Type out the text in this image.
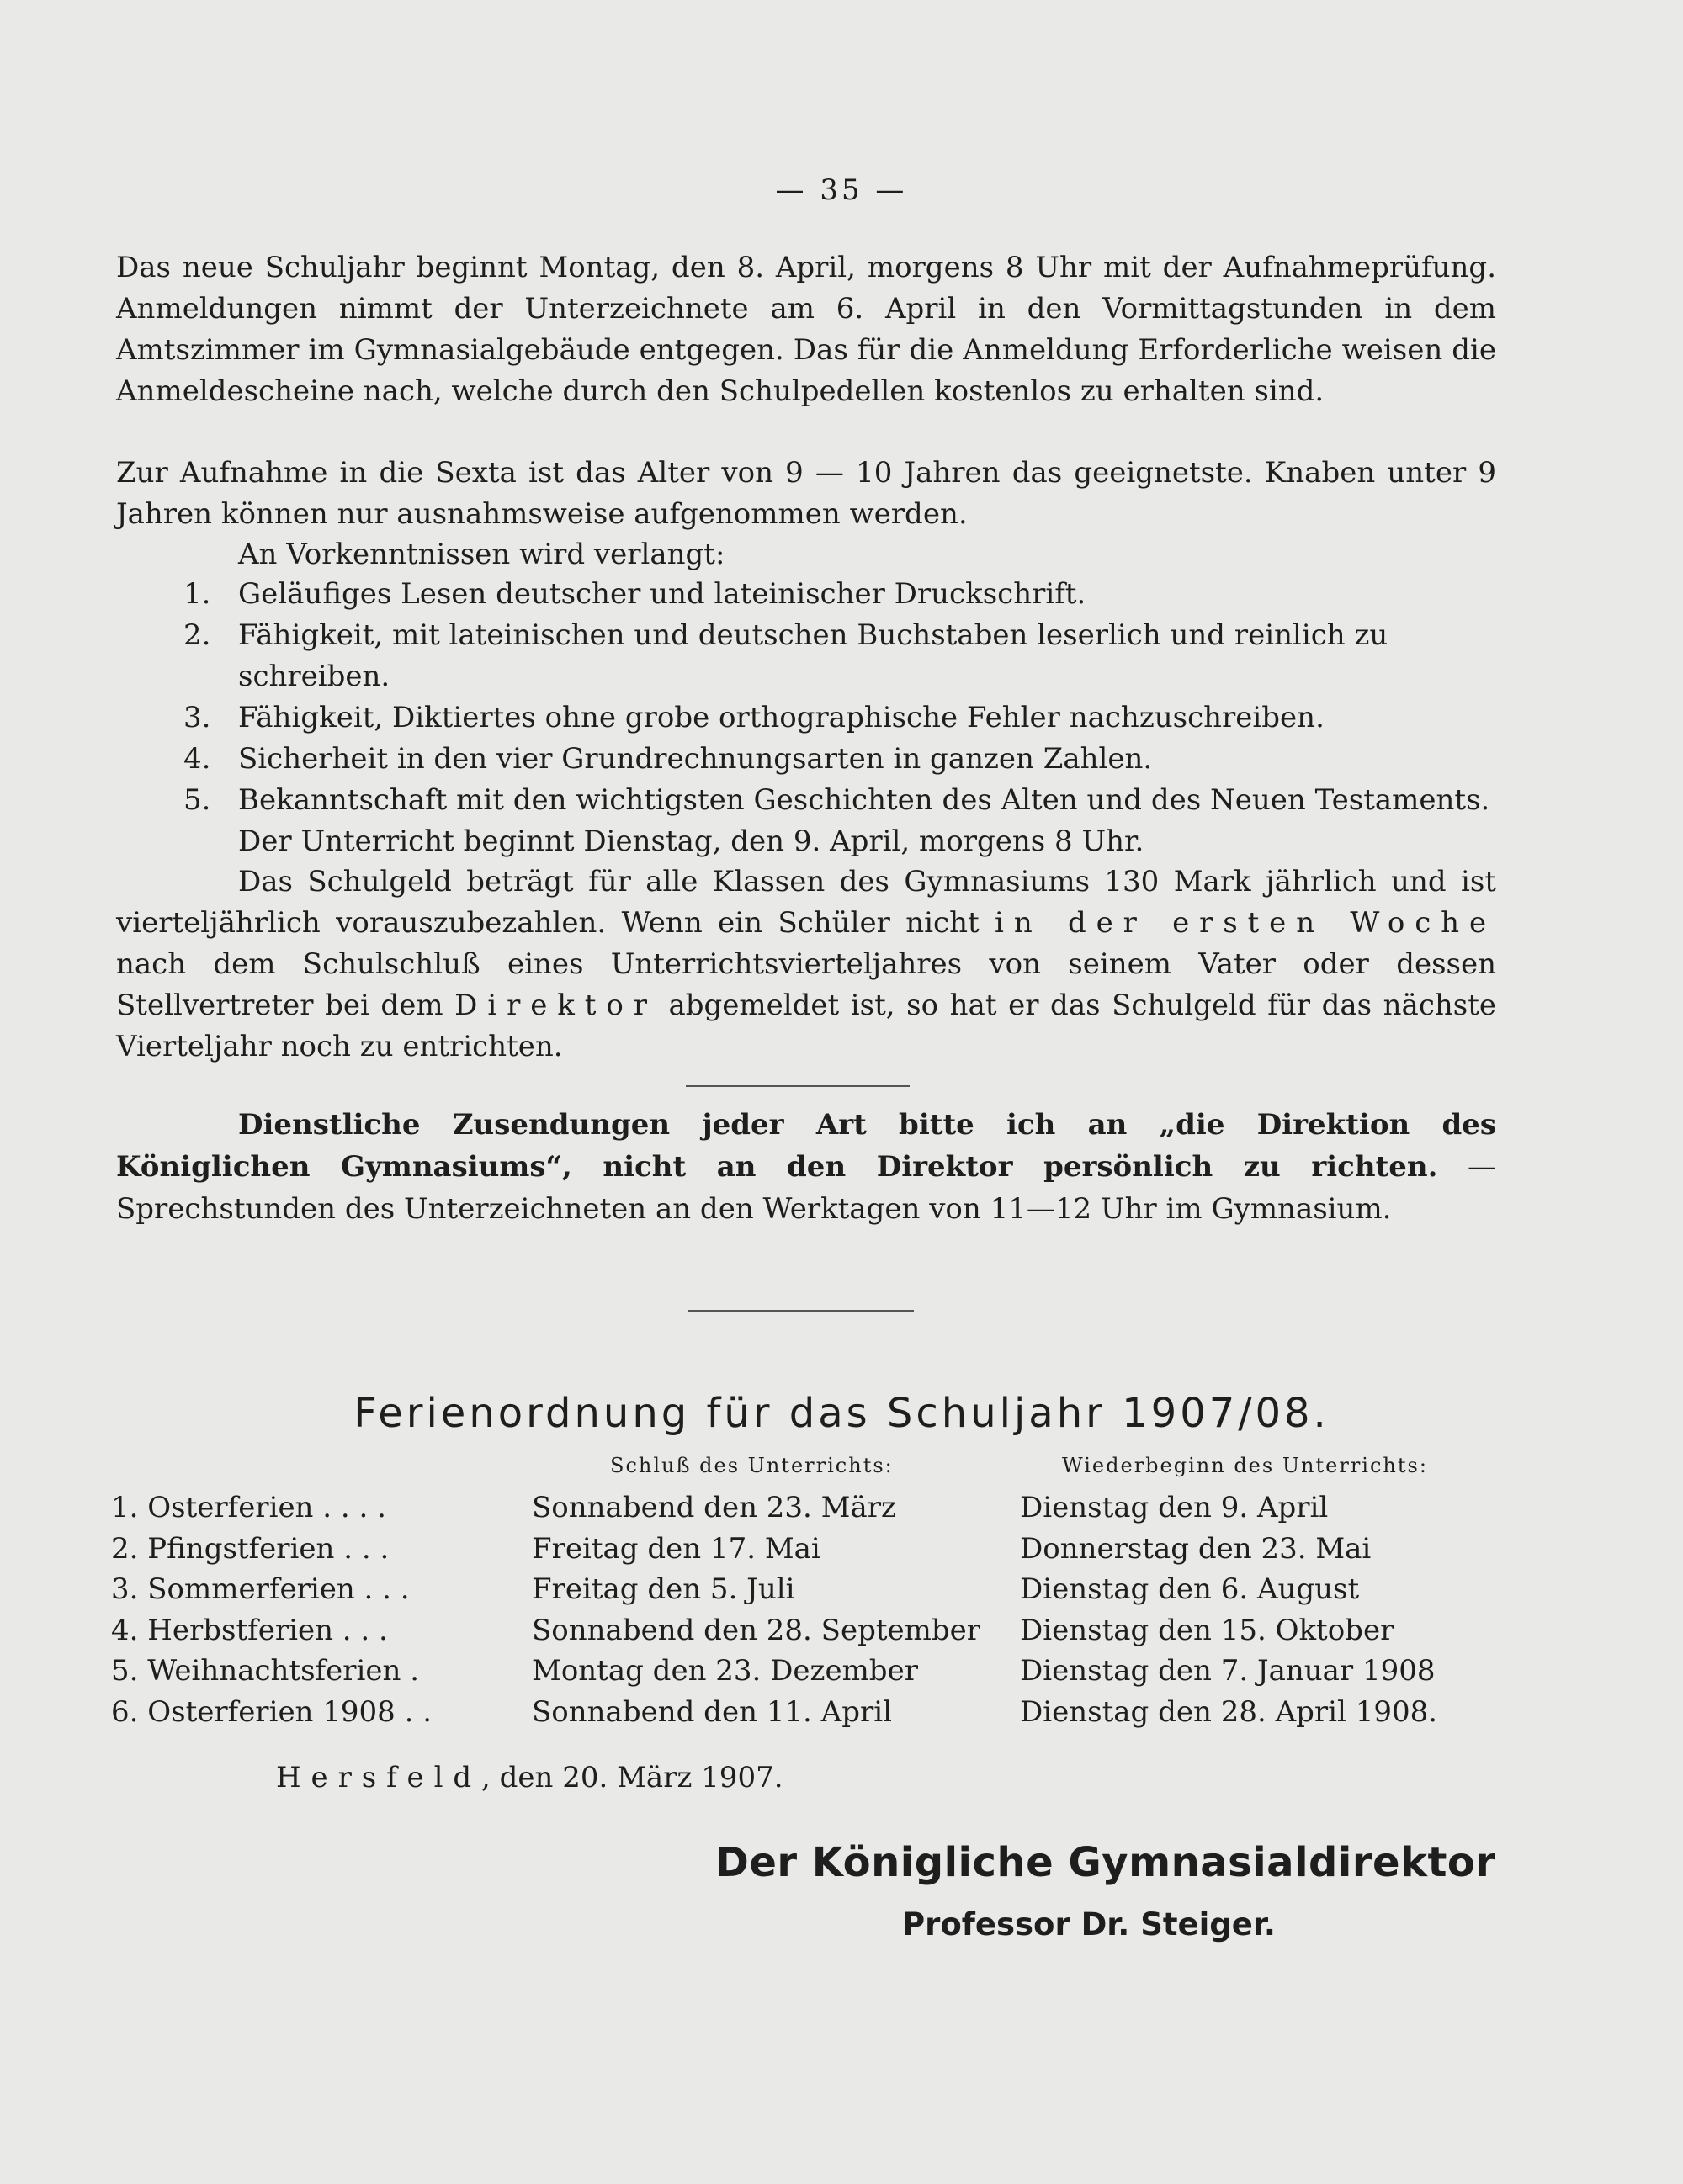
— 35 —
Das neue Schuljahr beginnt Montag, den 8. April, morgens 8 Uhr mit der Aufnahmeprüfung. Anmeldungen nimmt der Unterzeichnete am 6. April in den Vormittagstunden in dem Amtszimmer im Gymnasialgebäude entgegen. Das für die Anmeldung Erforderliche weisen die Anmeldescheine nach, welche durch den Schulpedellen kostenlos zu erhalten sind.
Zur Aufnahme in die Sexta ist das Alter von 9 — 10 Jahren das geeignetste. Knaben unter 9 Jahren können nur ausnahmsweise aufgenommen werden.
An Vorkenntnissen wird verlangt:
1. Geläufiges Lesen deutscher und lateinischer Druckschrift.
2. Fähigkeit, mit lateinischen und deutschen Buchstaben leserlich und reinlich zu schreiben.
3. Fähigkeit, Diktiertes ohne grobe orthographische Fehler nachzuschreiben.
4. Sicherheit in den vier Grundrechnungsarten in ganzen Zahlen.
5. Bekanntschaft mit den wichtigsten Geschichten des Alten und des Neuen Testaments.
Der Unterricht beginnt Dienstag, den 9. April, morgens 8 Uhr.
Das Schulgeld beträgt für alle Klassen des Gymnasiums 130 Mark jährlich und ist vierteljährlich vorauszubezahlen. Wenn ein Schüler nicht in der ersten Woche nach dem Schulschluß eines Unterrichtsvierteljahres von seinem Vater oder dessen Stellvertreter bei dem Direktor abgemeldet ist, so hat er das Schulgeld für das nächste Vierteljahr noch zu entrichten.
Dienstliche Zusendungen jeder Art bitte ich an „die Direktion des Königlichen Gymnasiums“, nicht an den Direktor persönlich zu richten. — Sprechstunden des Unterzeichneten an den Werktagen von 11—12 Uhr im Gymnasium.
Ferienordnung für das Schuljahr 1907/08.
Schluß des Unterrichts:	Wiederbeginn des Unterrichts:
1. Osterferien . . . .	Sonnabend den 23. März	Dienstag den 9. April
2. Pfingstferien . . .	Freitag den 17. Mai	Donnerstag den 23. Mai
3. Sommerferien . . .	Freitag den 5. Juli	Dienstag den 6. August
4. Herbstferien . . .	Sonnabend den 28. September	Dienstag den 15. Oktober
5. Weihnachtsferien .	Montag den 23. Dezember	Dienstag den 7. Januar 1908
6. Osterferien 1908 . .	Sonnabend den 11. April	Dienstag den 28. April 1908.
Hersfeld, den 20. März 1907.
Der Königliche Gymnasialdirektor
Professor Dr. Steiger.
